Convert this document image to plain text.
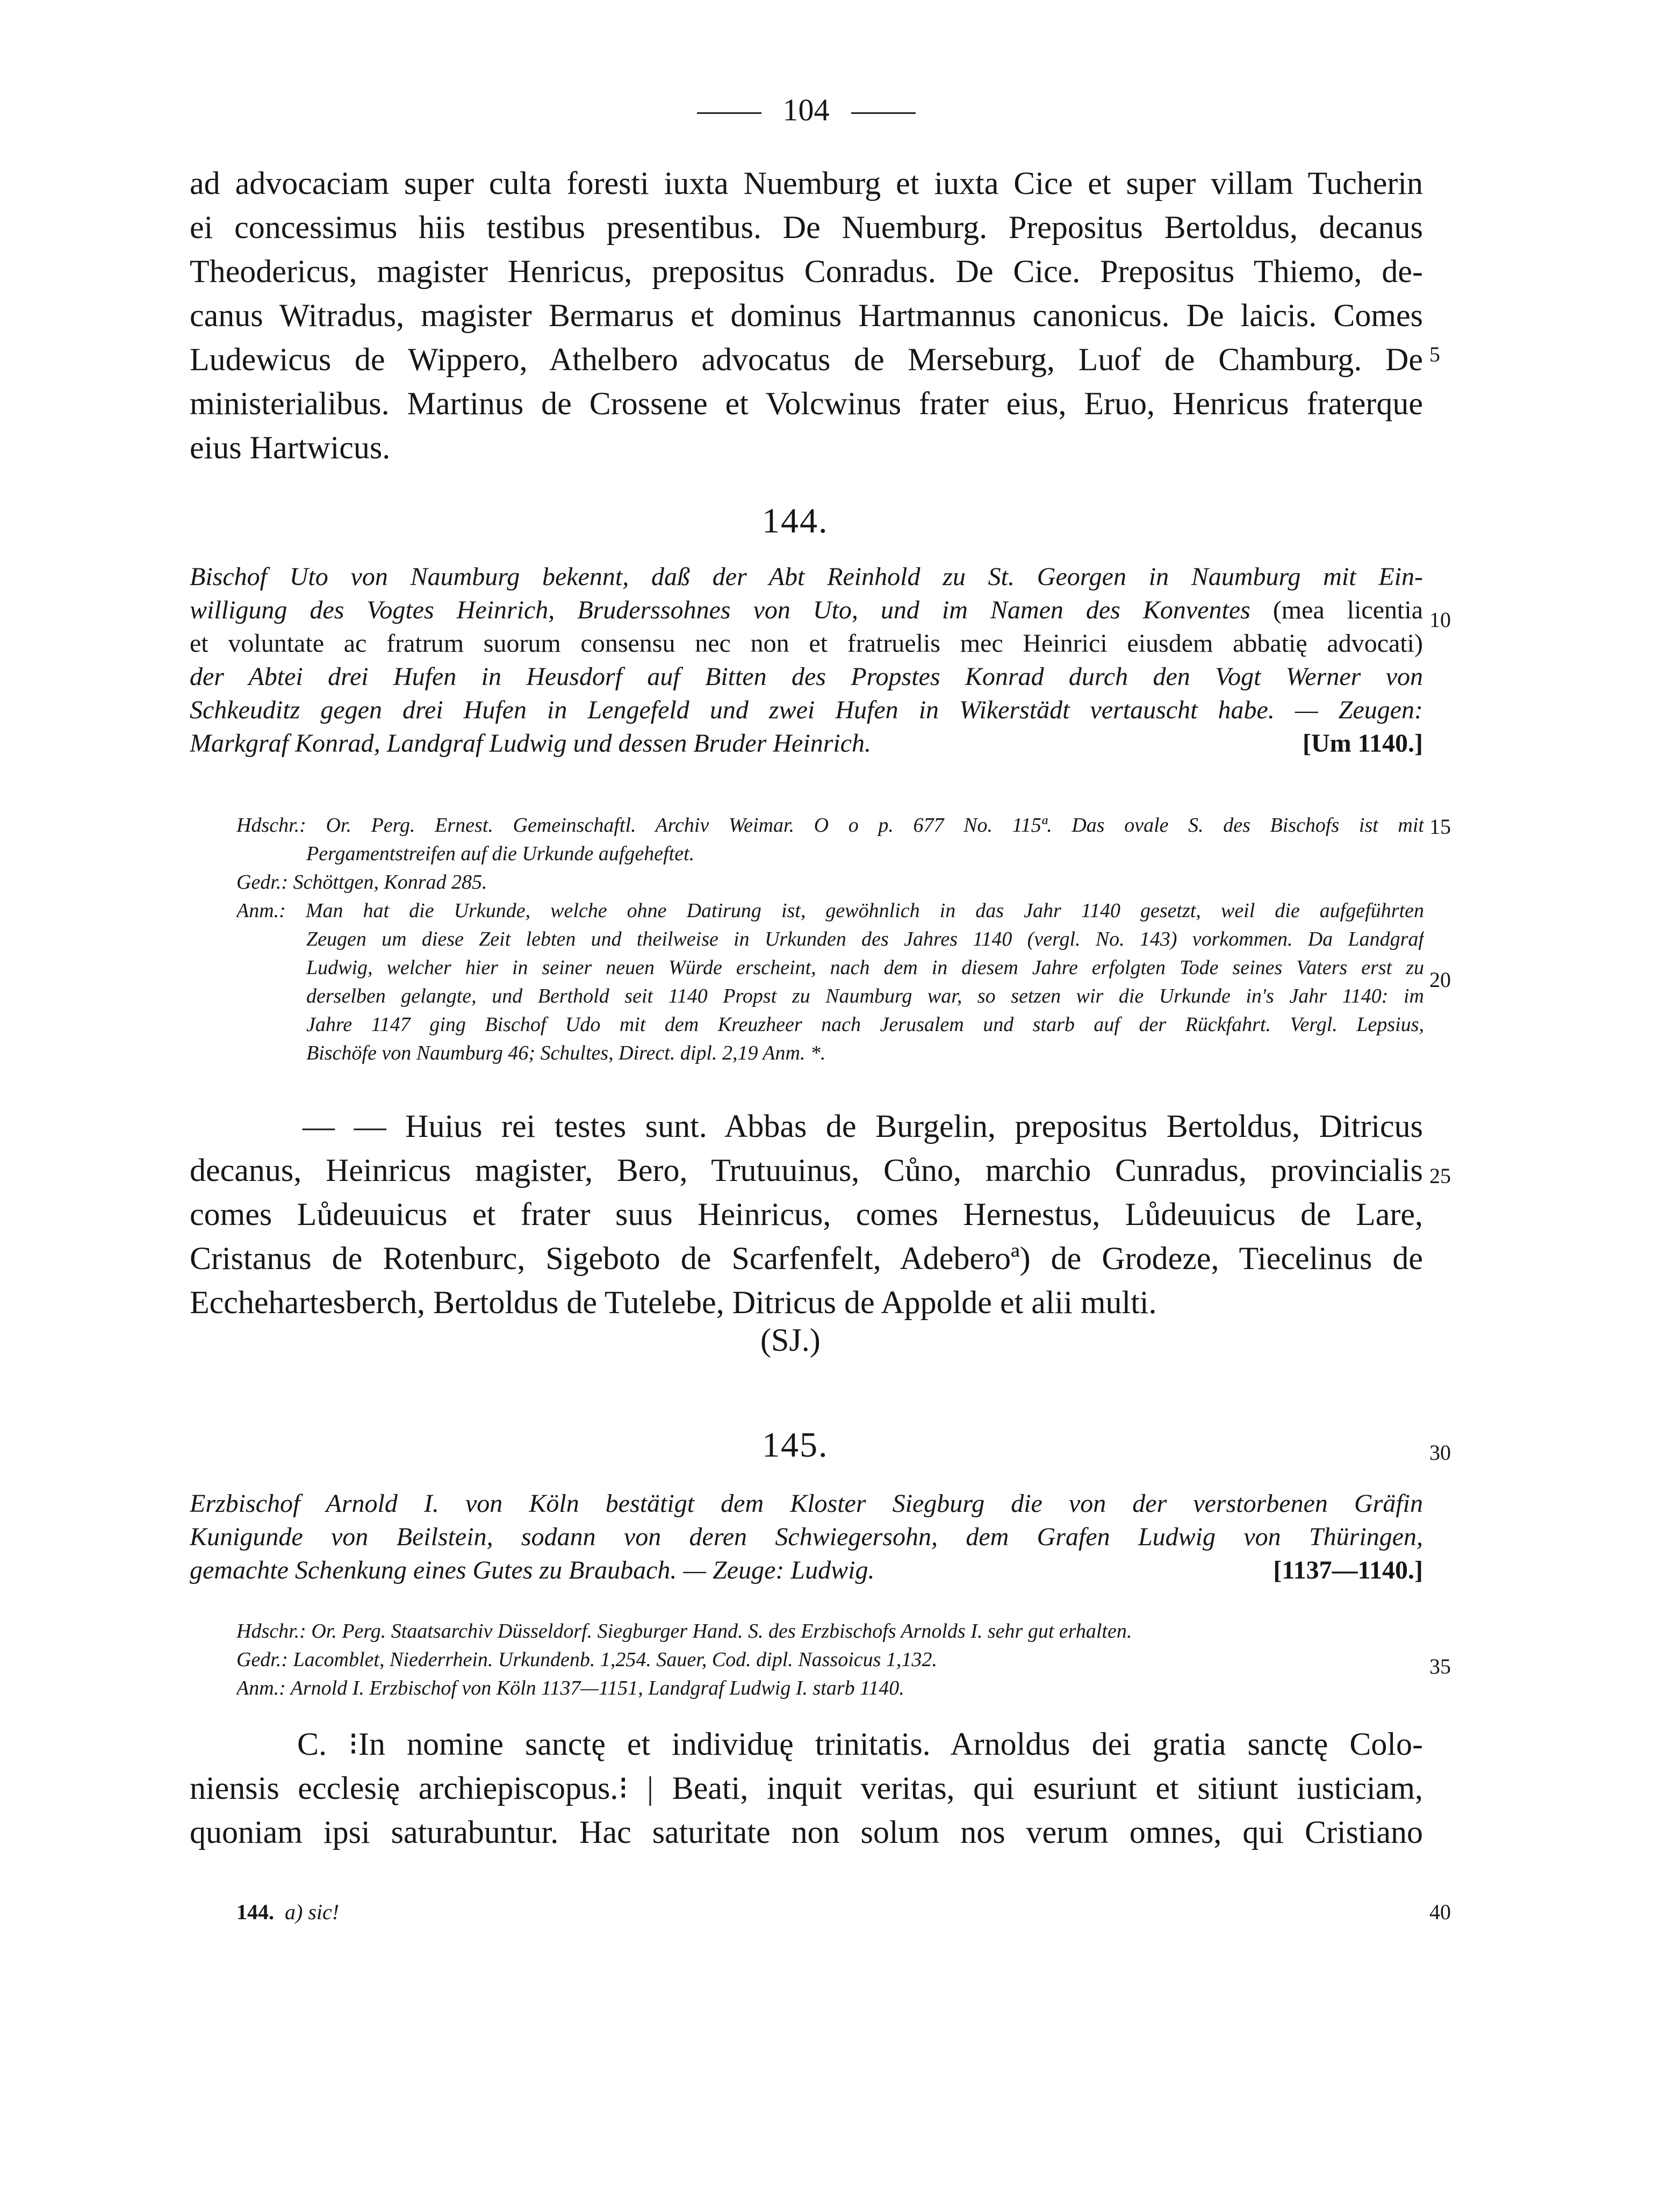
104
ad advocaciam super culta foresti iuxta Nuemburg et iuxta Cice et super villam Tucherin
ei concessimus hiis testibus presentibus. De Nuemburg. Prepositus Bertoldus, decanus
Theodericus, magister Henricus, prepositus Conradus. De Cice. Prepositus Thiemo, de-
canus Witradus, magister Bermarus et dominus Hartmannus canonicus. De laicis. Comes
Ludewicus de Wippero, Athelbero advocatus de Merseburg, Luof de Chamburg. De
ministerialibus. Martinus de Crossene et Volcwinus frater eius, Eruo, Henricus fraterque
eius Hartwicus.
144.
Bischof Uto von Naumburg bekennt, daß der Abt Reinhold zu St. Georgen in Naumburg mit Ein-
willigung des Vogtes Heinrich, Bruderssohnes von Uto, und im Namen des Konventes (mea licentia
et voluntate ac fratrum suorum consensu nec non et fratruelis mec Heinrici eiusdem abbatię advocati)
der Abtei drei Hufen in Heusdorf auf Bitten des Propstes Konrad durch den Vogt Werner von
Schkeuditz gegen drei Hufen in Lengefeld und zwei Hufen in Wikerstädt vertauscht habe. — Zeugen:
Markgraf Konrad, Landgraf Ludwig und dessen Bruder Heinrich.	[Um 1140.]
Hdschr.: Or. Perg. Ernest. Gemeinschaftl. Archiv Weimar. O o p. 677 No. 115ª. Das ovale S. des Bischofs ist mit
Pergamentstreifen auf die Urkunde aufgeheftet.
Gedr.: Schöttgen, Konrad 285.
Anm.: Man hat die Urkunde, welche ohne Datirung ist, gewöhnlich in das Jahr 1140 gesetzt, weil die aufgeführten
Zeugen um diese Zeit lebten und theilweise in Urkunden des Jahres 1140 (vergl. No. 143) vorkommen. Da Landgraf
Ludwig, welcher hier in seiner neuen Würde erscheint, nach dem in diesem Jahre erfolgten Tode seines Vaters erst zu
derselben gelangte, und Berthold seit 1140 Propst zu Naumburg war, so setzen wir die Urkunde in's Jahr 1140: im
Jahre 1147 ging Bischof Udo mit dem Kreuzheer nach Jerusalem und starb auf der Rückfahrt. Vergl. Lepsius,
Bischöfe von Naumburg 46; Schultes, Direct. dipl. 2,19 Anm. *.
— — Huius rei testes sunt. Abbas de Burgelin, prepositus Bertoldus, Ditricus
decanus, Heinricus magister, Bero, Trutuuinus, Cůno, marchio Cunradus, provincialis
comes Lůdeuuicus et frater suus Heinricus, comes Hernestus, Lůdeuuicus de Lare,
Cristanus de Rotenburc, Sigeboto de Scarfenfelt, Adeberoª) de Grodeze, Tiecelinus de
Ecchehartesberch, Bertoldus de Tutelebe, Ditricus de Appolde et alii multi.
(SJ.)
145.
Erzbischof Arnold I. von Köln bestätigt dem Kloster Siegburg die von der verstorbenen Gräfin
Kunigunde von Beilstein, sodann von deren Schwiegersohn, dem Grafen Ludwig von Thüringen,
gemachte Schenkung eines Gutes zu Braubach. — Zeuge: Ludwig.	[1137—1140.]
Hdschr.: Or. Perg. Staatsarchiv Düsseldorf. Siegburger Hand. S. des Erzbischofs Arnolds I. sehr gut erhalten.
Gedr.: Lacomblet, Niederrhein. Urkundenb. 1,254. Sauer, Cod. dipl. Nassoicus 1,132.
Anm.: Arnold I. Erzbischof von Köln 1137—1151, Landgraf Ludwig I. starb 1140.
C. ⁝In nomine sanctę et individuę trinitatis. Arnoldus dei gratia sanctę Colo-
niensis ecclesię archiepiscopus.⁝ | Beati, inquit veritas, qui esuriunt et sitiunt iusticiam,
quoniam ipsi saturabuntur. Hac saturitate non solum nos verum omnes, qui Cristiano
144. a) sic!
5
10
15
20
25
30
35
40
